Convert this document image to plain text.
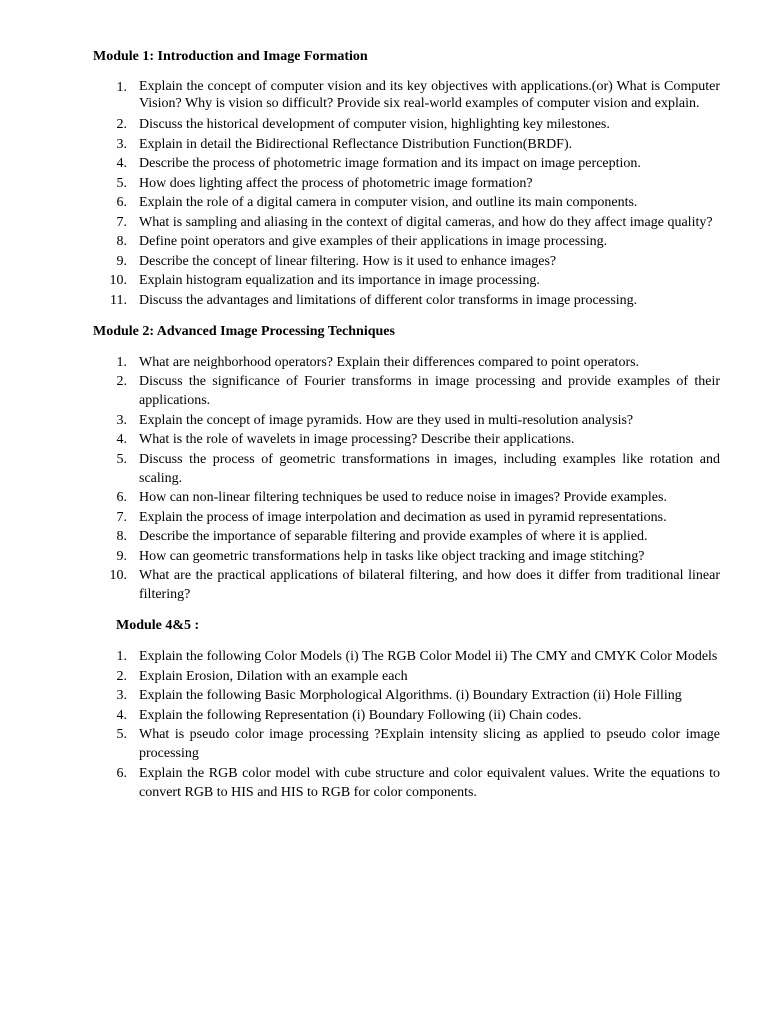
Module 1: Introduction and Image Formation
1. Explain the concept of computer vision and its key objectives with applications.(or) What is Computer Vision? Why is vision so difficult? Provide six real-world examples of computer vision and explain.
2. Discuss the historical development of computer vision, highlighting key milestones.
3. Explain in detail the Bidirectional Reflectance Distribution Function(BRDF).
4. Describe the process of photometric image formation and its impact on image perception.
5. How does lighting affect the process of photometric image formation?
6. Explain the role of a digital camera in computer vision, and outline its main components.
7. What is sampling and aliasing in the context of digital cameras, and how do they affect image quality?
8. Define point operators and give examples of their applications in image processing.
9. Describe the concept of linear filtering. How is it used to enhance images?
10. Explain histogram equalization and its importance in image processing.
11. Discuss the advantages and limitations of different color transforms in image processing.
Module 2: Advanced Image Processing Techniques
1. What are neighborhood operators? Explain their differences compared to point operators.
2. Discuss the significance of Fourier transforms in image processing and provide examples of their applications.
3. Explain the concept of image pyramids. How are they used in multi-resolution analysis?
4. What is the role of wavelets in image processing? Describe their applications.
5. Discuss the process of geometric transformations in images, including examples like rotation and scaling.
6. How can non-linear filtering techniques be used to reduce noise in images? Provide examples.
7. Explain the process of image interpolation and decimation as used in pyramid representations.
8. Describe the importance of separable filtering and provide examples of where it is applied.
9. How can geometric transformations help in tasks like object tracking and image stitching?
10. What are the practical applications of bilateral filtering, and how does it differ from traditional linear filtering?
Module 4&5 :
1. Explain the following Color Models (i) The RGB Color Model ii) The CMY and CMYK Color Models
2. Explain Erosion, Dilation with an example each
3. Explain the following Basic Morphological Algorithms. (i) Boundary Extraction (ii) Hole Filling
4. Explain the following Representation (i) Boundary Following (ii) Chain codes.
5. What is pseudo color image processing ?Explain intensity slicing as applied to pseudo color image processing
6. Explain the RGB color model with cube structure and color equivalent values. Write the equations to convert RGB to HIS and HIS to RGB for color components.
